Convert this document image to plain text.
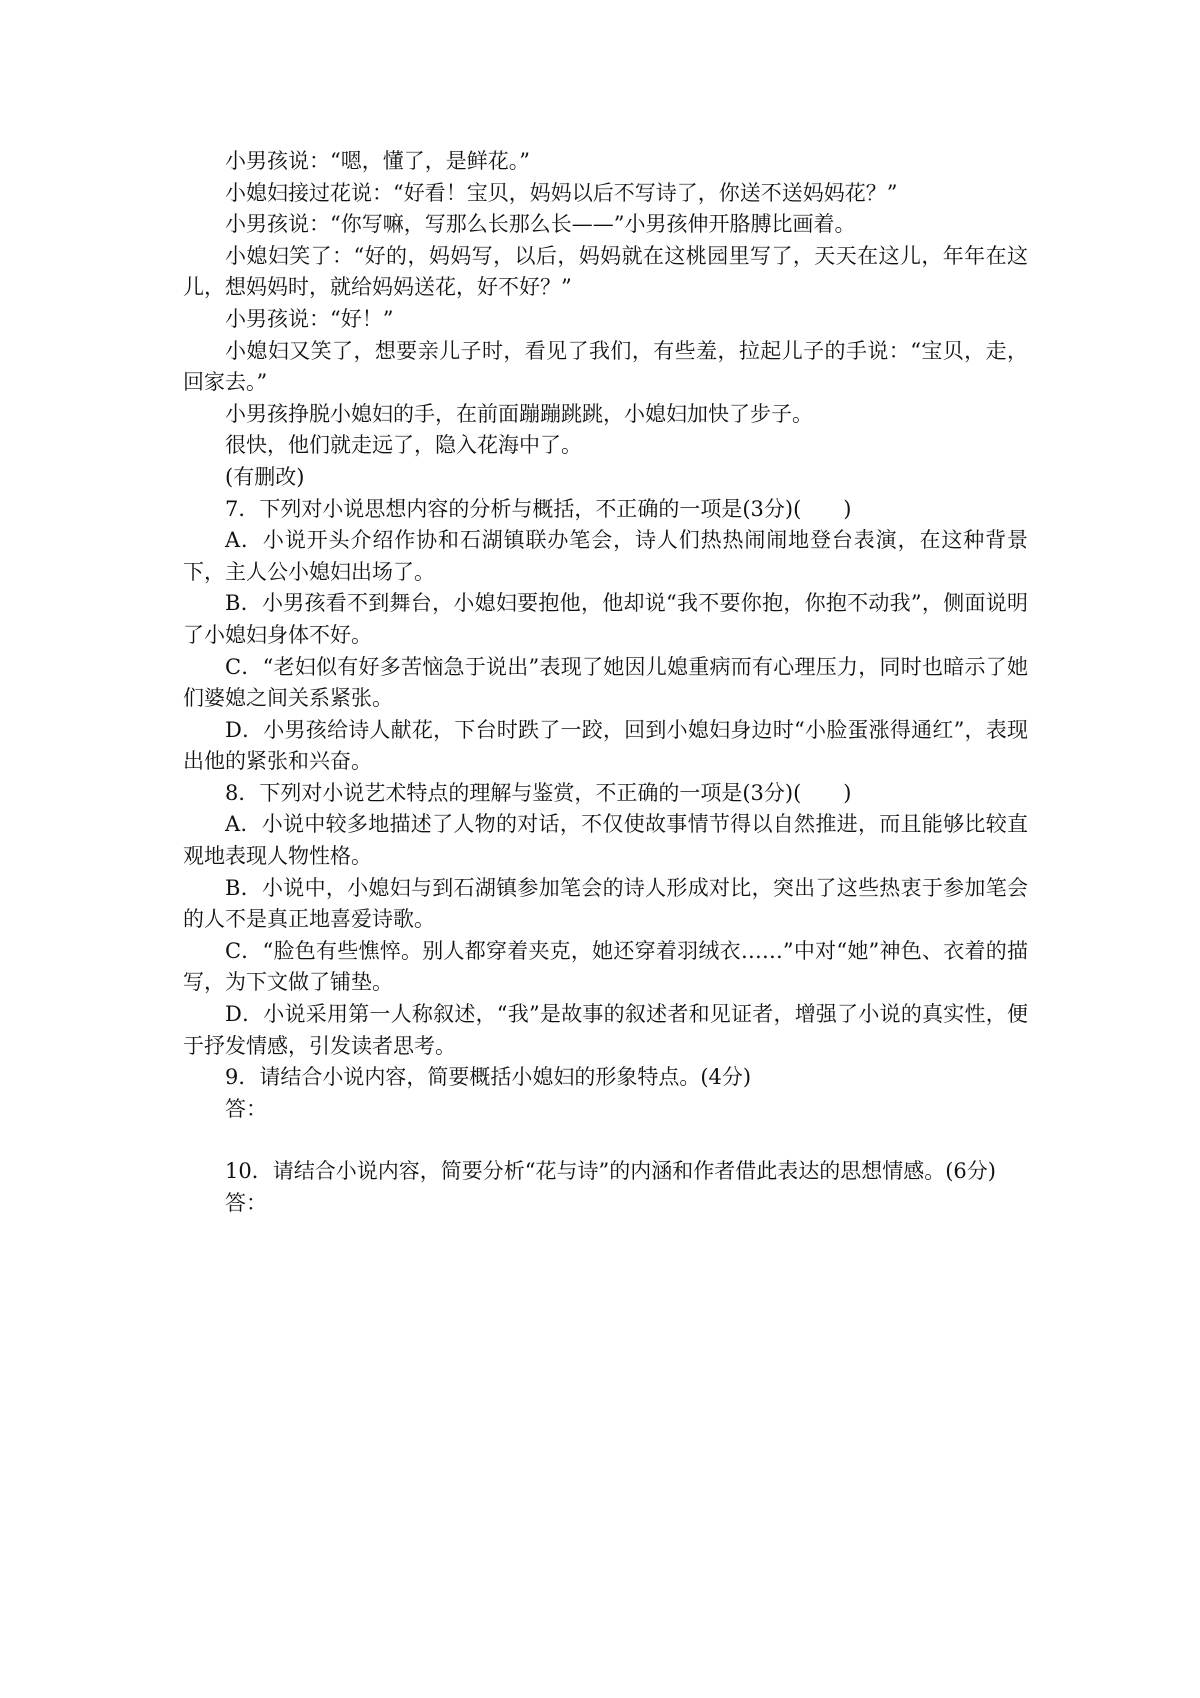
小男孩说：“嗯，懂了，是鲜花。”

小媳妇接过花说：“好看！宝贝，妈妈以后不写诗了，你送不送妈妈花？”

小男孩说：“你写嘛，写那么长那么长——”小男孩伸开胳膊比画着。

小媳妇笑了：“好的，妈妈写，以后，妈妈就在这桃园里写了，天天在这儿，年年在这儿，想妈妈时，就给妈妈送花，好不好？”

小男孩说：“好！”

小媳妇又笑了，想要亲儿子时，看见了我们，有些羞，拉起儿子的手说：“宝贝，走，回家去。”

小男孩挣脱小媳妇的手，在前面蹦蹦跳跳，小媳妇加快了步子。

很快，他们就走远了，隐入花海中了。

(有删改)

7．下列对小说思想内容的分析与概括，不正确的一项是(3分)(　　)

A．小说开头介绍作协和石湖镇联办笔会，诗人们热热闹闹地登台表演，在这种背景下，主人公小媳妇出场了。

B．小男孩看不到舞台，小媳妇要抱他，他却说“我不要你抱，你抱不动我”，侧面说明了小媳妇身体不好。

C．“老妇似有好多苦恼急于说出”表现了她因儿媳重病而有心理压力，同时也暗示了她们婆媳之间关系紧张。

D．小男孩给诗人献花，下台时跌了一跤，回到小媳妇身边时“小脸蛋涨得通红”，表现出他的紧张和兴奋。

8．下列对小说艺术特点的理解与鉴赏，不正确的一项是(3分)(　　)

A．小说中较多地描述了人物的对话，不仅使故事情节得以自然推进，而且能够比较直观地表现人物性格。

B．小说中，小媳妇与到石湖镇参加笔会的诗人形成对比，突出了这些热衷于参加笔会的人不是真正地喜爱诗歌。

C．“脸色有些憔悴。别人都穿着夹克，她还穿着羽绒衣……”中对“她”神色、衣着的描写，为下文做了铺垫。

D．小说采用第一人称叙述，“我”是故事的叙述者和见证者，增强了小说的真实性，便于抒发情感，引发读者思考。

9．请结合小说内容，简要概括小媳妇的形象特点。(4分)

答：

10．请结合小说内容，简要分析“花与诗”的内涵和作者借此表达的思想情感。(6分)

答：
